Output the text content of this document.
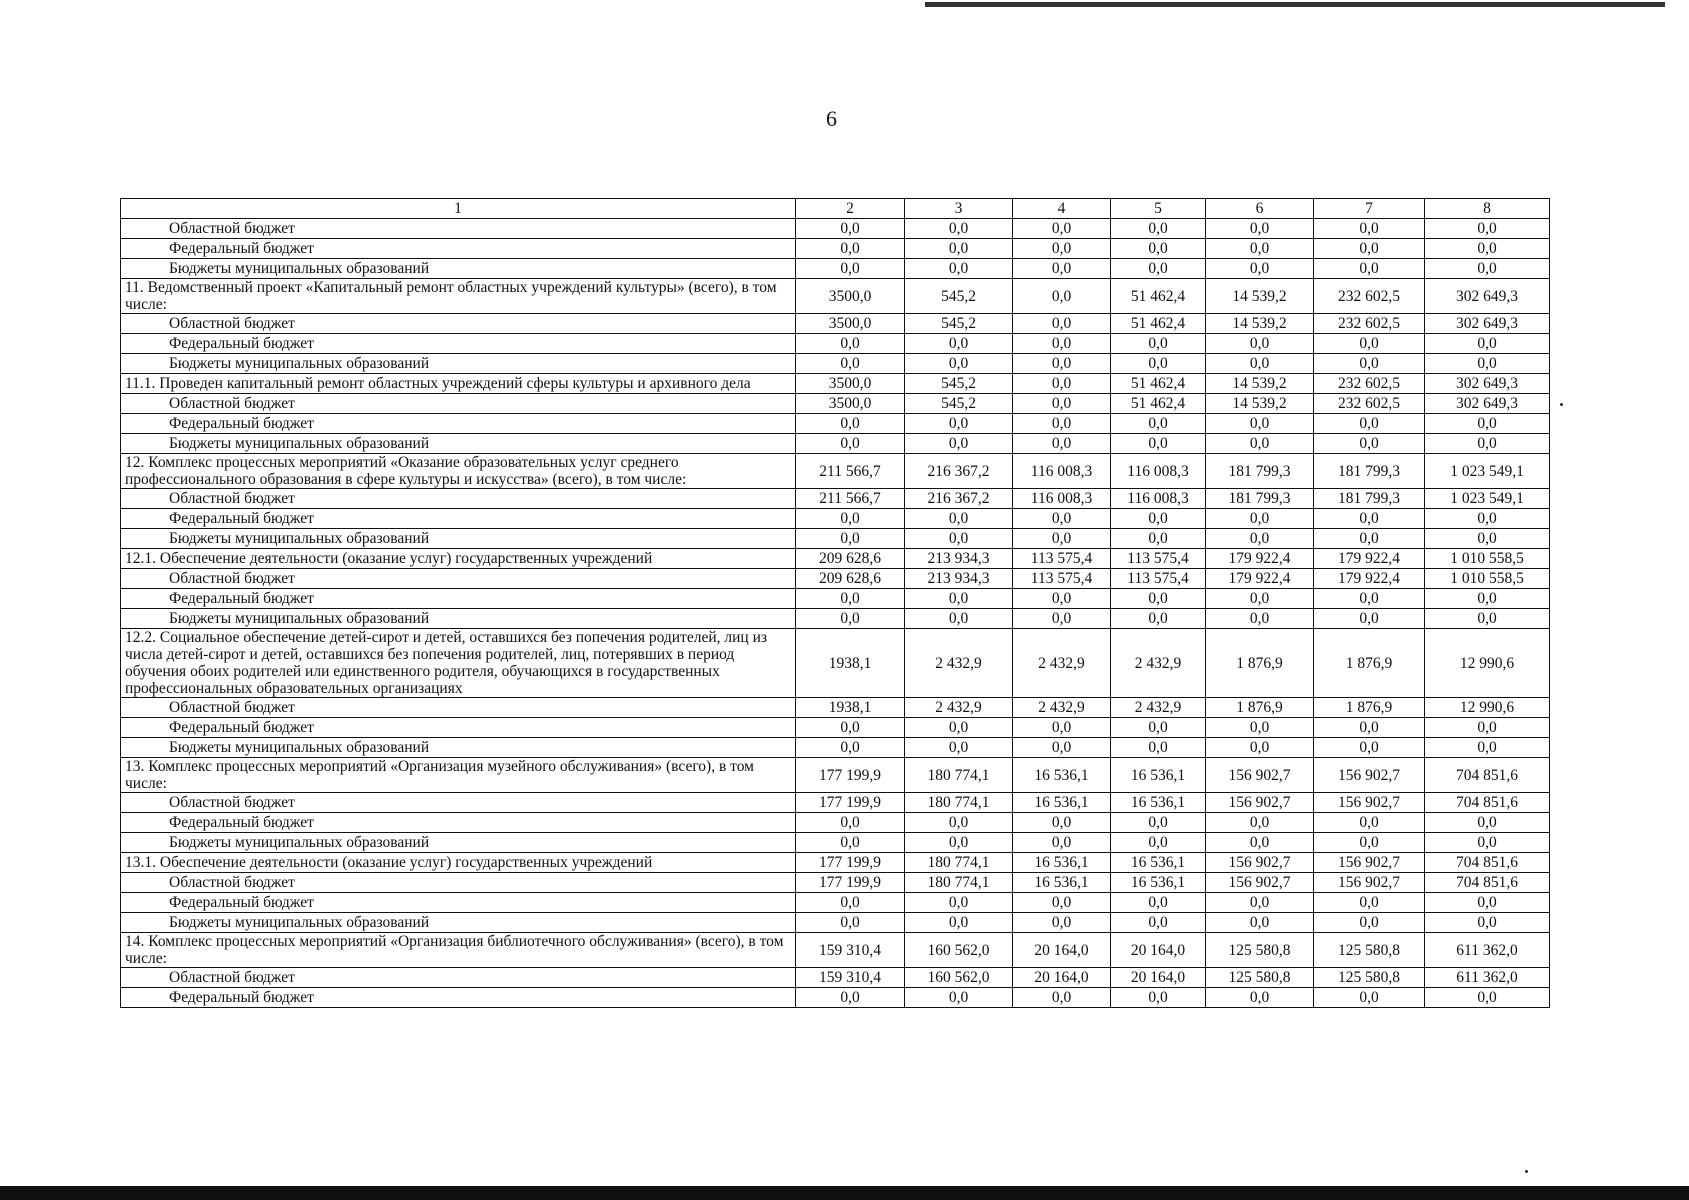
6
1	2	3	4	5	6	7	8
Областной бюджет	0,0	0,0	0,0	0,0	0,0	0,0	0,0
Федеральный бюджет	0,0	0,0	0,0	0,0	0,0	0,0	0,0
Бюджеты муниципальных образований	0,0	0,0	0,0	0,0	0,0	0,0	0,0
11. Ведомственный проект «Капитальный ремонт областных учреждений культуры» (всего), в том числе:	3500,0	545,2	0,0	51 462,4	14 539,2	232 602,5	302 649,3
Областной бюджет	3500,0	545,2	0,0	51 462,4	14 539,2	232 602,5	302 649,3
Федеральный бюджет	0,0	0,0	0,0	0,0	0,0	0,0	0,0
Бюджеты муниципальных образований	0,0	0,0	0,0	0,0	0,0	0,0	0,0
11.1. Проведен капитальный ремонт областных учреждений сферы культуры и архивного дела	3500,0	545,2	0,0	51 462,4	14 539,2	232 602,5	302 649,3
Областной бюджет	3500,0	545,2	0,0	51 462,4	14 539,2	232 602,5	302 649,3
Федеральный бюджет	0,0	0,0	0,0	0,0	0,0	0,0	0,0
Бюджеты муниципальных образований	0,0	0,0	0,0	0,0	0,0	0,0	0,0
12. Комплекс процессных мероприятий «Оказание образовательных услуг среднего профессионального образования в сфере культуры и искусства» (всего), в том числе:	211 566,7	216 367,2	116 008,3	116 008,3	181 799,3	181 799,3	1 023 549,1
Областной бюджет	211 566,7	216 367,2	116 008,3	116 008,3	181 799,3	181 799,3	1 023 549,1
Федеральный бюджет	0,0	0,0	0,0	0,0	0,0	0,0	0,0
Бюджеты муниципальных образований	0,0	0,0	0,0	0,0	0,0	0,0	0,0
12.1. Обеспечение деятельности (оказание услуг) государственных учреждений	209 628,6	213 934,3	113 575,4	113 575,4	179 922,4	179 922,4	1 010 558,5
Областной бюджет	209 628,6	213 934,3	113 575,4	113 575,4	179 922,4	179 922,4	1 010 558,5
Федеральный бюджет	0,0	0,0	0,0	0,0	0,0	0,0	0,0
Бюджеты муниципальных образований	0,0	0,0	0,0	0,0	0,0	0,0	0,0
12.2. Социальное обеспечение детей-сирот и детей, оставшихся без попечения родителей, лиц из числа детей-сирот и детей, оставшихся без попечения родителей, лиц, потерявших в период обучения обоих родителей или единственного родителя, обучающихся в государственных профессиональных образовательных организациях	1938,1	2 432,9	2 432,9	2 432,9	1 876,9	1 876,9	12 990,6
Областной бюджет	1938,1	2 432,9	2 432,9	2 432,9	1 876,9	1 876,9	12 990,6
Федеральный бюджет	0,0	0,0	0,0	0,0	0,0	0,0	0,0
Бюджеты муниципальных образований	0,0	0,0	0,0	0,0	0,0	0,0	0,0
13. Комплекс процессных мероприятий «Организация музейного обслуживания» (всего), в том числе:	177 199,9	180 774,1	16 536,1	16 536,1	156 902,7	156 902,7	704 851,6
Областной бюджет	177 199,9	180 774,1	16 536,1	16 536,1	156 902,7	156 902,7	704 851,6
Федеральный бюджет	0,0	0,0	0,0	0,0	0,0	0,0	0,0
Бюджеты муниципальных образований	0,0	0,0	0,0	0,0	0,0	0,0	0,0
13.1. Обеспечение деятельности (оказание услуг) государственных учреждений	177 199,9	180 774,1	16 536,1	16 536,1	156 902,7	156 902,7	704 851,6
Областной бюджет	177 199,9	180 774,1	16 536,1	16 536,1	156 902,7	156 902,7	704 851,6
Федеральный бюджет	0,0	0,0	0,0	0,0	0,0	0,0	0,0
Бюджеты муниципальных образований	0,0	0,0	0,0	0,0	0,0	0,0	0,0
14. Комплекс процессных мероприятий «Организация библиотечного обслуживания» (всего), в том числе:	159 310,4	160 562,0	20 164,0	20 164,0	125 580,8	125 580,8	611 362,0
Областной бюджет	159 310,4	160 562,0	20 164,0	20 164,0	125 580,8	125 580,8	611 362,0
Федеральный бюджет	0,0	0,0	0,0	0,0	0,0	0,0	0,0
